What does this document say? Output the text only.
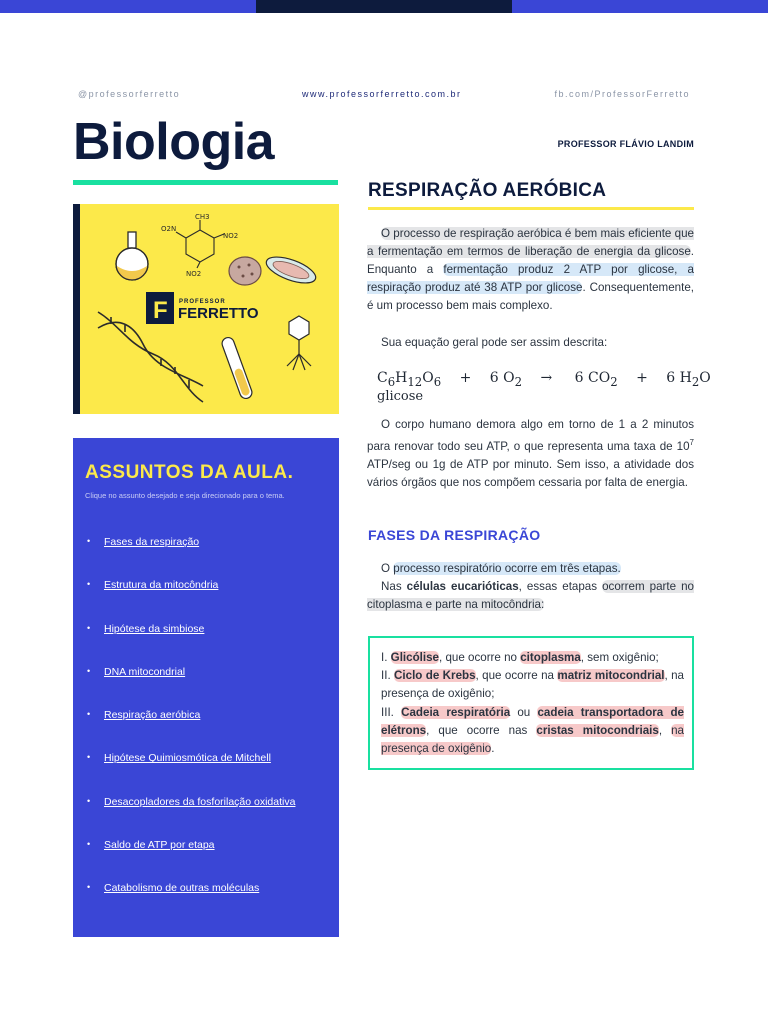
@professorferretto	www.professorferretto.com.br	fb.com/ProfessorFerretto
Biologia	PROFESSOR FLÁVIO LANDIM
CH3
O2N
NO2
NO2
F PROFESSOR
FERRETTO
ASSUNTOS DA AULA.
Clique no assunto desejado e seja direcionado para o tema.
• Fases da respiração
• Estrutura da mitocôndria
• Hipótese da simbiose
• DNA mitocondrial
• Respiração aeróbica
• Hipótese Quimiosmótica de Mitchell
• Desacopladores da fosforilação oxidativa
• Saldo de ATP por etapa
• Catabolismo de outras moléculas
RESPIRAÇÃO AERÓBICA
O processo de respiração aeróbica é bem mais eficiente que a fermentação em termos de liberação de energia da glicose. Enquanto a fermentação produz 2 ATP por glicose, a respiração produz até 38 ATP por glicose. Consequentemente, é um processo bem mais complexo.
Sua equação geral pode ser assim descrita:
$C_6H_{12}O_6 + 6$ $O_2 \to 6$ $CO_2 + 6$ $H_2O$
glicose
O corpo humano demora algo em torno de 1 a 2 minutos para renovar todo seu ATP, o que representa uma taxa de $10^7$ ATP/seg ou 1g de ATP por minuto. Sem isso, a atividade dos vários órgãos que nos compõem cessaria por falta de energia.
FASES DA RESPIRAÇÃO
O processo respiratório ocorre em três etapas.
Nas células eucarióticas, essas etapas ocorrem parte no citoplasma e parte na mitocôndria:
I. Glicólise, que ocorre no citoplasma, sem oxigênio;
II. Ciclo de Krebs, que ocorre na matriz mitocondrial, na presença de oxigênio;
III. Cadeia respiratória ou cadeia transportadora de elétrons, que ocorre nas cristas mitocondriais, na presença de oxigênio.
